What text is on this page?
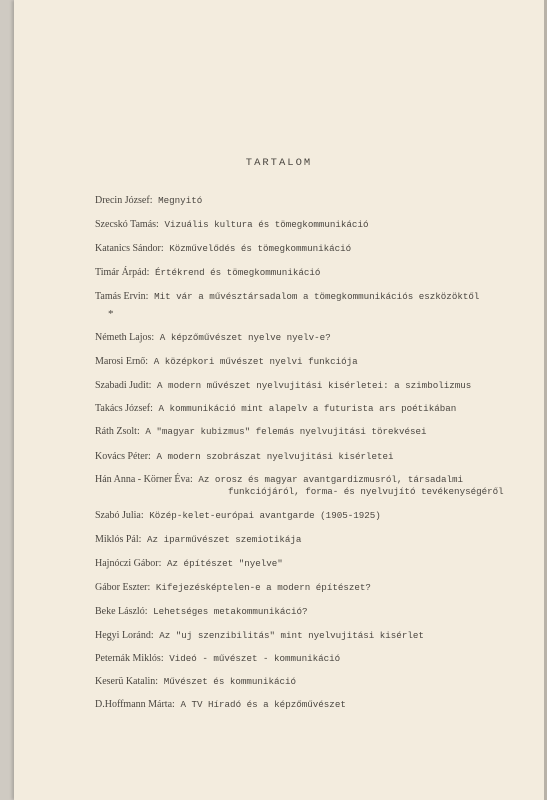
TARTALOM
Drecin József: Megnyitó
Szecskó Tamás: Vizuális kultura és tömegkommunikáció
Katanics Sándor: Közművelődés és tömegkommunikáció
Timár Árpád: Értékrend és tömegkommunikáció
Tamás Ervin: Mit vár a művésztársadalom a tömegkommunikációs eszközöktől
Németh Lajos: A képzőművészet nyelve nyelv-e?
Marosi Ernő: A középkori művészet nyelvi funkciója
Szabadi Judit: A modern művészet nyelvujitási kisérletei: a szimbolizmus
Takács József: A kommunikáció mint alapelv a futurista ars poétikában
Ráth Zsolt: A "magyar kubizmus" felemás nyelvujitási törekvései
Kovács Péter: A modern szobrászat nyelvujitási kisérletei
Hán Anna - Körner Éva: Az orosz és magyar avantgardizmusról, társadalmi
funkciójáról, forma- és nyelvujító tevékenységéről
Szabó Julia: Közép-kelet-európai avantgarde (1905-1925)
Miklós Pál: Az iparművészet szemiotikája
Hajnóczi Gábor: Az építészet "nyelve"
Gábor Eszter: Kifejezésképtelen-e a modern építészet?
Beke László: Lehetséges metakommunikáció?
Hegyi Loránd: Az "uj szenzibilitás" mint nyelvujitási kisérlet
Peternák Miklós: Videó - művészet - kommunikáció
Keserü Katalin: Művészet és kommunikáció
D.Hoffmann Márta: A TV Híradó és a képzőművészet
*
